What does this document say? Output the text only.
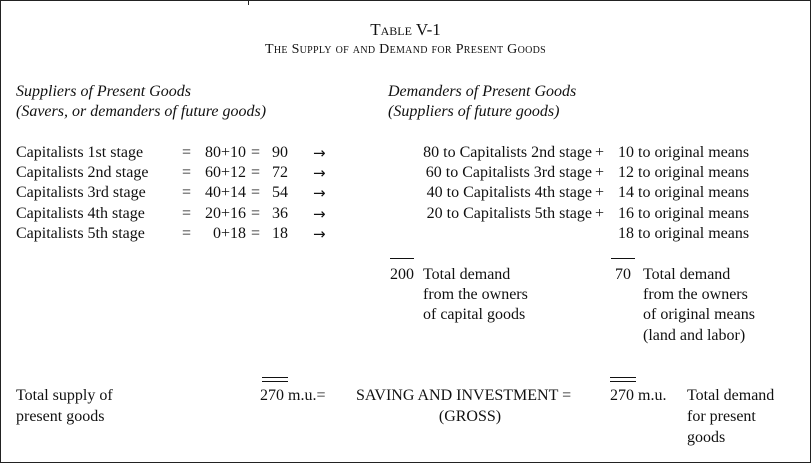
Table V-1
The Supply of and Demand for Present Goods
Suppliers of Present Goods
(Savers, or demanders of future goods)
Demanders of Present Goods
(Suppliers of future goods)
Capitalists 1st stage = 80+10 = 90 →
Capitalists 2nd stage = 60+12 = 72 →
Capitalists 3rd stage = 40+14 = 54 →
Capitalists 4th stage = 20+16 = 36 →
Capitalists 5th stage =	0+18 = 18 →
80 to Capitalists 2nd stage + 10 to original means
60 to Capitalists 3rd stage + 12 to original means
40 to Capitalists 4th stage + 14 to original means
20 to Capitalists 5th stage + 16 to original means
18 to original means
200 Total demand
from the owners
of capital goods
70 Total demand
from the owners
of original means
(land and labor)
Total supply of
present goods
270 m.u.= SAVING AND INVESTMENT =
(GROSS)
270 m.u. Total demand
for present
goods
